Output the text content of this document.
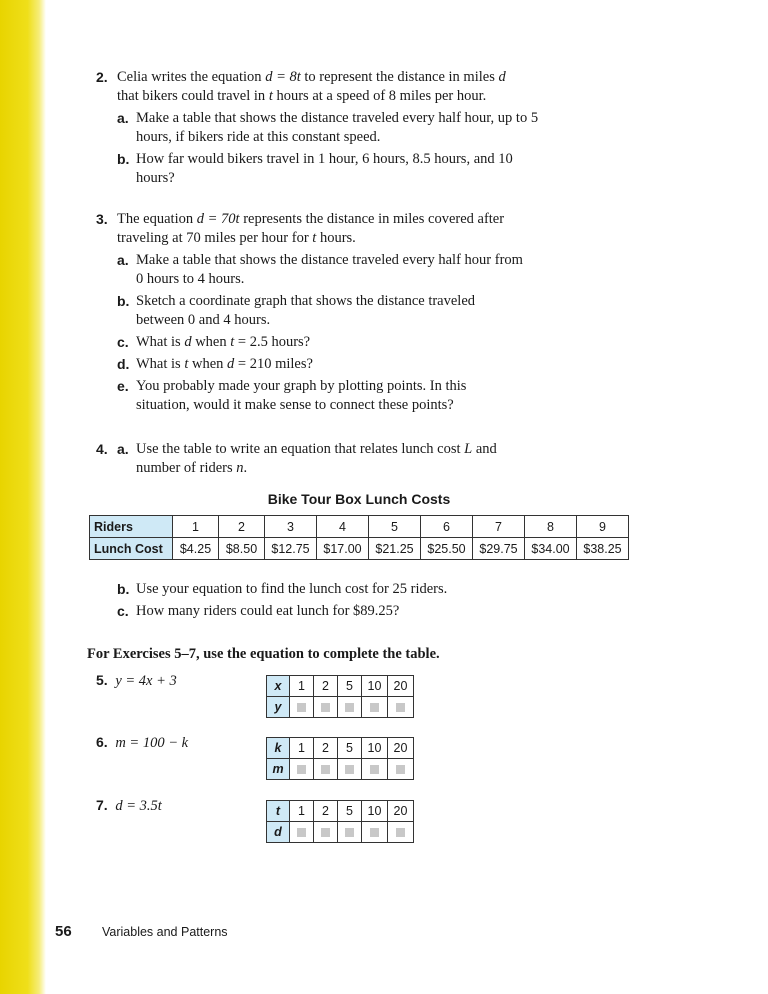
2. Celia writes the equation d = 8t to represent the distance in miles d
that bikers could travel in t hours at a speed of 8 miles per hour.
a. Make a table that shows the distance traveled every half hour, up to 5 hours, if bikers ride at this constant speed.
b. How far would bikers travel in 1 hour, 6 hours, 8.5 hours, and 10 hours?
3. The equation d = 70t represents the distance in miles covered after traveling at 70 miles per hour for t hours.
a. Make a table that shows the distance traveled every half hour from 0 hours to 4 hours.
b. Sketch a coordinate graph that shows the distance traveled between 0 and 4 hours.
c. What is d when t = 2.5 hours?
d. What is t when d = 210 miles?
e. You probably made your graph by plotting points. In this situation, would it make sense to connect these points?
4. a. Use the table to write an equation that relates lunch cost L and number of riders n.
Bike Tour Box Lunch Costs
Riders	1	2	3	4	5	6	7	8	9
Lunch Cost	$4.25	$8.50	$12.75	$17.00	$21.25	$25.50	$29.75	$34.00	$38.25
b. Use your equation to find the lunch cost for 25 riders.
c. How many riders could eat lunch for $89.25?
For Exercises 5–7, use the equation to complete the table.
5. y = 4x + 3	x	1	2	5	10	20
y					
6. m = 100 − k	k	1	2	5	10	20
m					
7. d = 3.5t	t	1	2	5	10	20
d					
56 Variables and Patterns
